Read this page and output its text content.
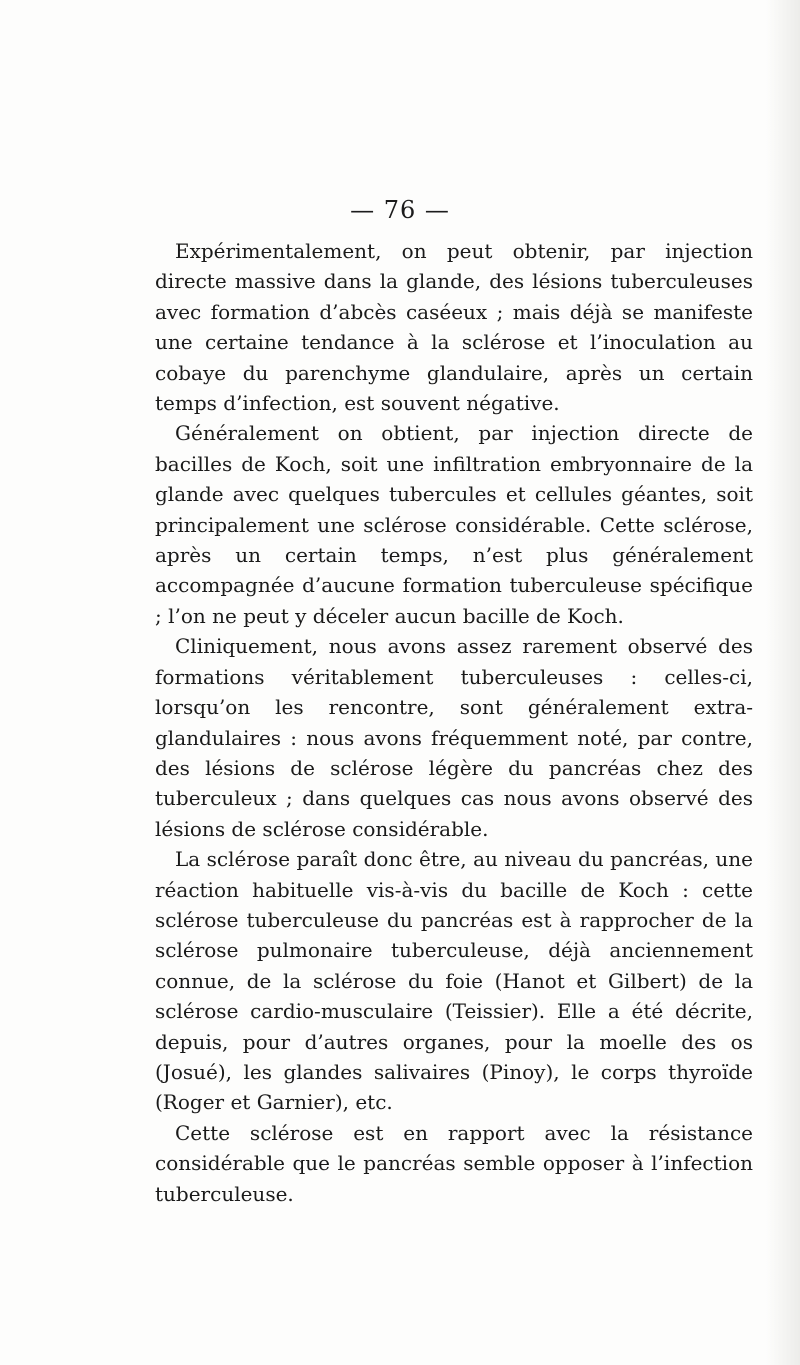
— 76 —

Expérimentalement, on peut obtenir, par injection directe massive dans la glande, des lésions tuberculeuses avec formation d’abcès caséeux ; mais déjà se manifeste une certaine tendance à la sclérose et l’inoculation au cobaye du parenchyme glandulaire, après un certain temps d’infection, est souvent négative.

Généralement on obtient, par injection directe de bacilles de Koch, soit une infiltration embryonnaire de la glande avec quelques tubercules et cellules géantes, soit principalement une sclérose considérable. Cette sclérose, après un certain temps, n’est plus généralement accompagnée d’aucune formation tuberculeuse spécifique ; l’on ne peut y déceler aucun bacille de Koch.

Cliniquement, nous avons assez rarement observé des formations véritablement tuberculeuses : celles-ci, lorsqu’on les rencontre, sont généralement extra-glandulaires : nous avons fréquemment noté, par contre, des lésions de sclérose légère du pancréas chez des tuberculeux ; dans quelques cas nous avons observé des lésions de sclérose considérable.

La sclérose paraît donc être, au niveau du pancréas, une réaction habituelle vis-à-vis du bacille de Koch : cette sclérose tuberculeuse du pancréas est à rapprocher de la sclérose pulmonaire tuberculeuse, déjà anciennement connue, de la sclérose du foie (Hanot et Gilbert) de la sclérose cardio-musculaire (Teissier). Elle a été décrite, depuis, pour d’autres organes, pour la moelle des os (Josué), les glandes salivaires (Pinoy), le corps thyroïde (Roger et Garnier), etc.

Cette sclérose est en rapport avec la résistance considérable que le pancréas semble opposer à l’infection tuberculeuse.
